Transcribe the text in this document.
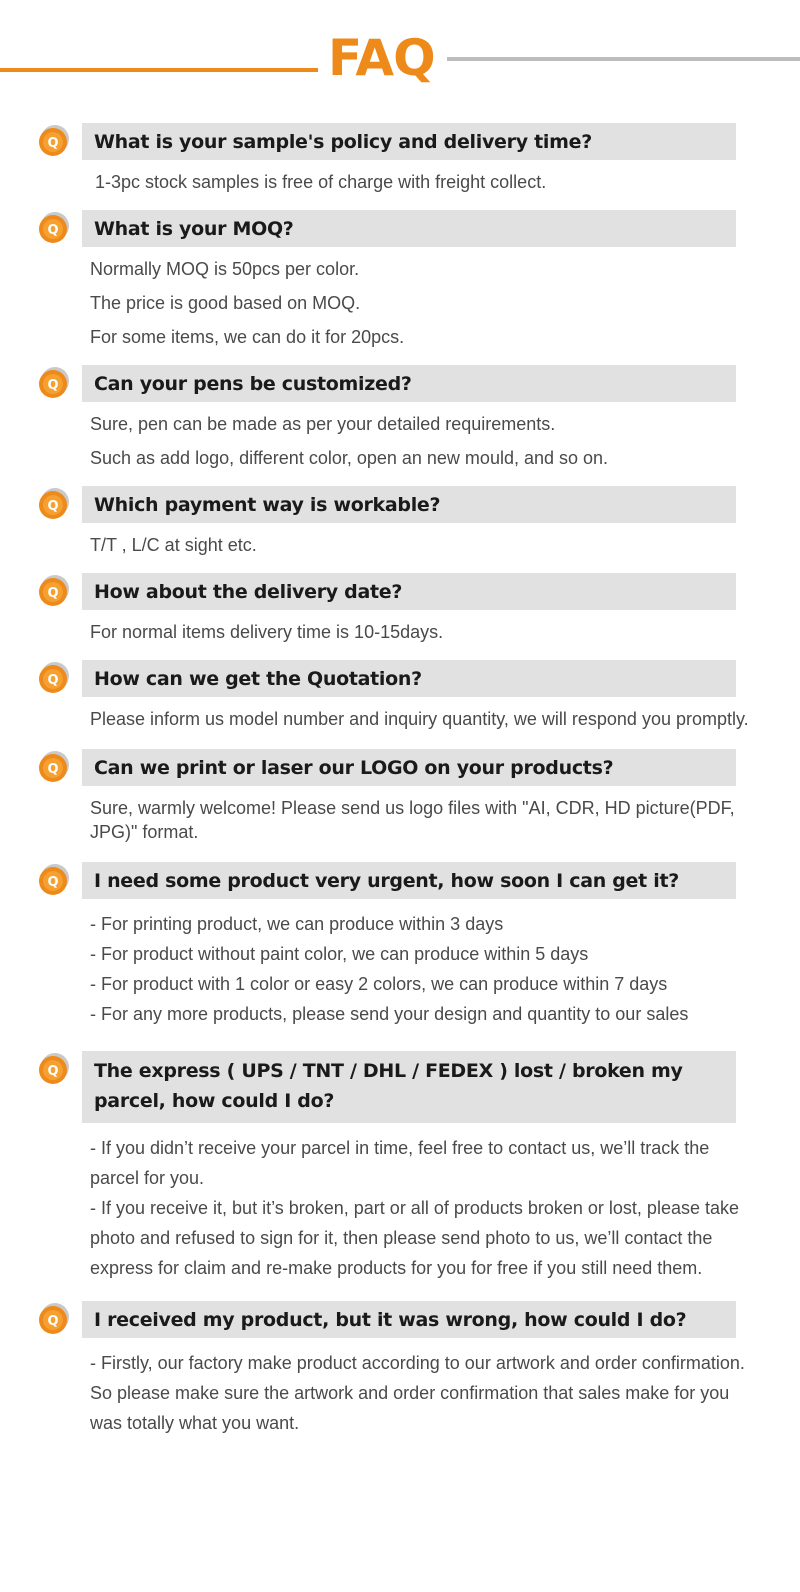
FAQ
Q What is your sample's policy and delivery time?

1-3pc stock samples is free of charge with freight collect.

Q What is your MOQ?

Normally MOQ is 50pcs per color.

The price is good based on MOQ.

For some items, we can do it for 20pcs.

Q Can your pens be customized?

Sure, pen can be made as per your detailed requirements.

Such as add logo, different color, open an new mould, and so on.

Q Which payment way is workable?

T/T , L/C at sight etc.

Q How about the delivery date?

For normal items delivery time is 10-15days.

Q How can we get the Quotation?

Please inform us model number and inquiry quantity, we will respond you promptly.

Q Can we print or laser our LOGO on your products?

Sure, warmly welcome! Please send us logo files with "AI, CDR, HD picture(PDF, JPG)" format.

Q I need some product very urgent, how soon I can get it?

- For printing product, we can produce within 3 days

- For product without paint color, we can produce within 5 days

- For product with 1 color or easy 2 colors, we can produce within 7 days

- For any more products, please send your design and quantity to our sales

Q The express ( UPS / TNT / DHL / FEDEX ) lost / broken my parcel, how could I do?

- If you didn’t receive your parcel in time, feel free to contact us, we’ll track the parcel for you.

- If you receive it, but it’s broken, part or all of products broken or lost, please take photo and refused to sign for it, then please send photo to us, we’ll contact the express for claim and re-make products for you for free if you still need them.

Q I received my product, but it was wrong, how could I do?

- Firstly, our factory make product according to our artwork and order confirmation. So please make sure the artwork and order confirmation that sales make for you was totally what you want.
